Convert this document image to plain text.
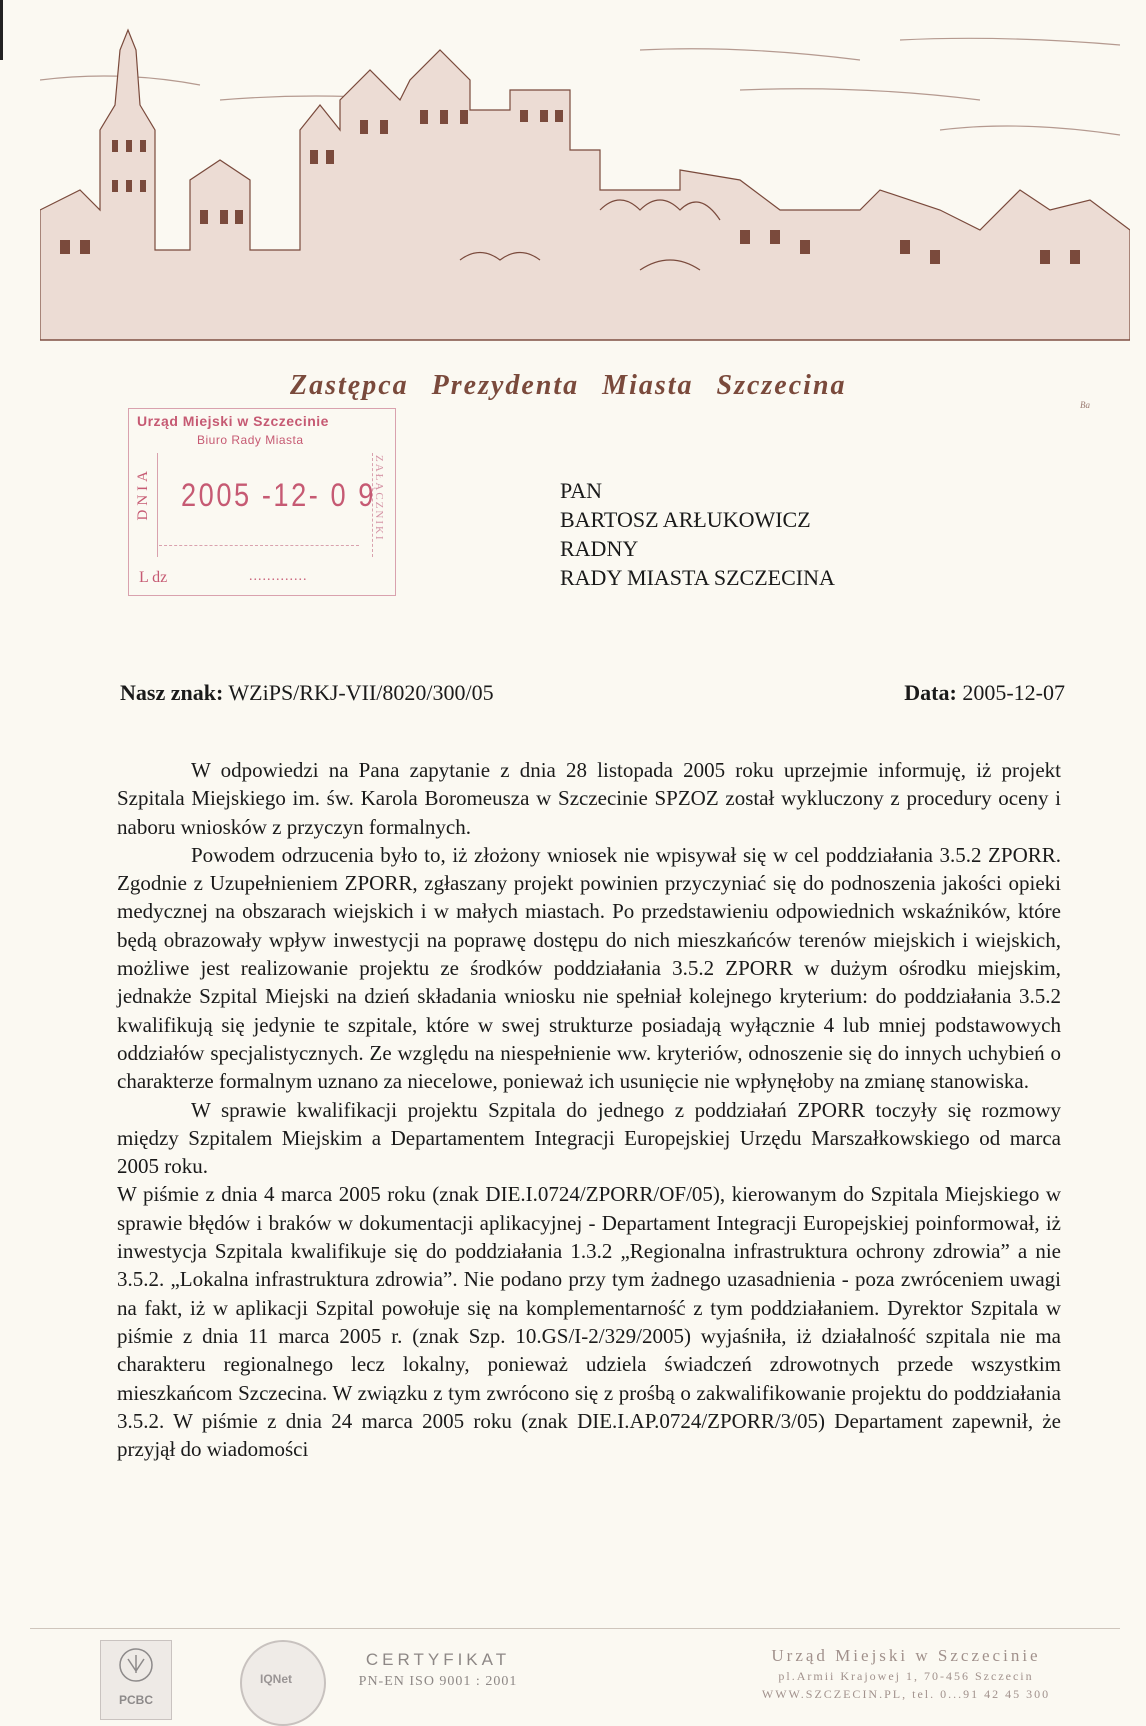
Zastępca Prezydenta Miasta Szczecina
Ba
Urząd Miejski w Szczecinie
Biuro Rady Miasta
DNIA 2005 -12- 0 9
ZAŁĄCZNIKI
L dz	.............
PAN
BARTOSZ ARŁUKOWICZ
RADNY
RADY MIASTA SZCZECINA
Nasz znak: WZiPS/RKJ-VII/8020/300/05	Data: 2005-12-07

W odpowiedzi na Pana zapytanie z dnia 28 listopada 2005 roku uprzejmie informuję, iż projekt Szpitala Miejskiego im. św. Karola Boromeusza w Szczecinie SPZOZ został wykluczony z procedury oceny i naboru wniosków z przyczyn formalnych.

Powodem odrzucenia było to, iż złożony wniosek nie wpisywał się w cel poddziałania 3.5.2 ZPORR. Zgodnie z Uzupełnieniem ZPORR, zgłaszany projekt powinien przyczyniać się do podnoszenia jakości opieki medycznej na obszarach wiejskich i w małych miastach. Po przedstawieniu odpowiednich wskaźników, które będą obrazowały wpływ inwestycji na poprawę dostępu do nich mieszkańców terenów miejskich i wiejskich, możliwe jest realizowanie projektu ze środków poddziałania 3.5.2 ZPORR w dużym ośrodku miejskim, jednakże Szpital Miejski na dzień składania wniosku nie spełniał kolejnego kryterium: do poddziałania 3.5.2 kwalifikują się jedynie te szpitale, które w swej strukturze posiadają wyłącznie 4 lub mniej podstawowych oddziałów specjalistycznych. Ze względu na niespełnienie ww. kryteriów, odnoszenie się do innych uchybień o charakterze formalnym uznano za niecelowe, ponieważ ich usunięcie nie wpłynęłoby na zmianę stanowiska.

W sprawie kwalifikacji projektu Szpitala do jednego z poddziałań ZPORR toczyły się rozmowy między Szpitalem Miejskim a Departamentem Integracji Europejskiej Urzędu Marszałkowskiego od marca 2005 roku.

W piśmie z dnia 4 marca 2005 roku (znak DIE.I.0724/ZPORR/OF/05), kierowanym do Szpitala Miejskiego w sprawie błędów i braków w dokumentacji aplikacyjnej - Departament Integracji Europejskiej poinformował, iż inwestycja Szpitala kwalifikuje się do poddziałania 1.3.2 „Regionalna infrastruktura ochrony zdrowia” a nie 3.5.2. „Lokalna infrastruktura zdrowia”. Nie podano przy tym żadnego uzasadnienia - poza zwróceniem uwagi na fakt, iż w aplikacji Szpital powołuje się na komplementarność z tym poddziałaniem. Dyrektor Szpitala w piśmie z dnia 11 marca 2005 r. (znak Szp. 10.GS/I-2/329/2005) wyjaśniła, iż działalność szpitala nie ma charakteru regionalnego lecz lokalny, ponieważ udziela świadczeń zdrowotnych przede wszystkim mieszkańcom Szczecina. W związku z tym zwrócono się z prośbą o zakwalifikowanie projektu do poddziałania 3.5.2. W piśmie z dnia 24 marca 2005 roku (znak DIE.I.AP.0724/ZPORR/3/05) Departament zapewnił, że przyjął do wiadomości

PCBC
IQNet
CERTYFIKAT
PN-EN ISO 9001 : 2001
Urząd Miejski w Szczecinie
pl.Armii Krajowej 1, 70-456 Szczecin
WWW.SZCZECIN.PL, tel. 0...91 42 45 300
